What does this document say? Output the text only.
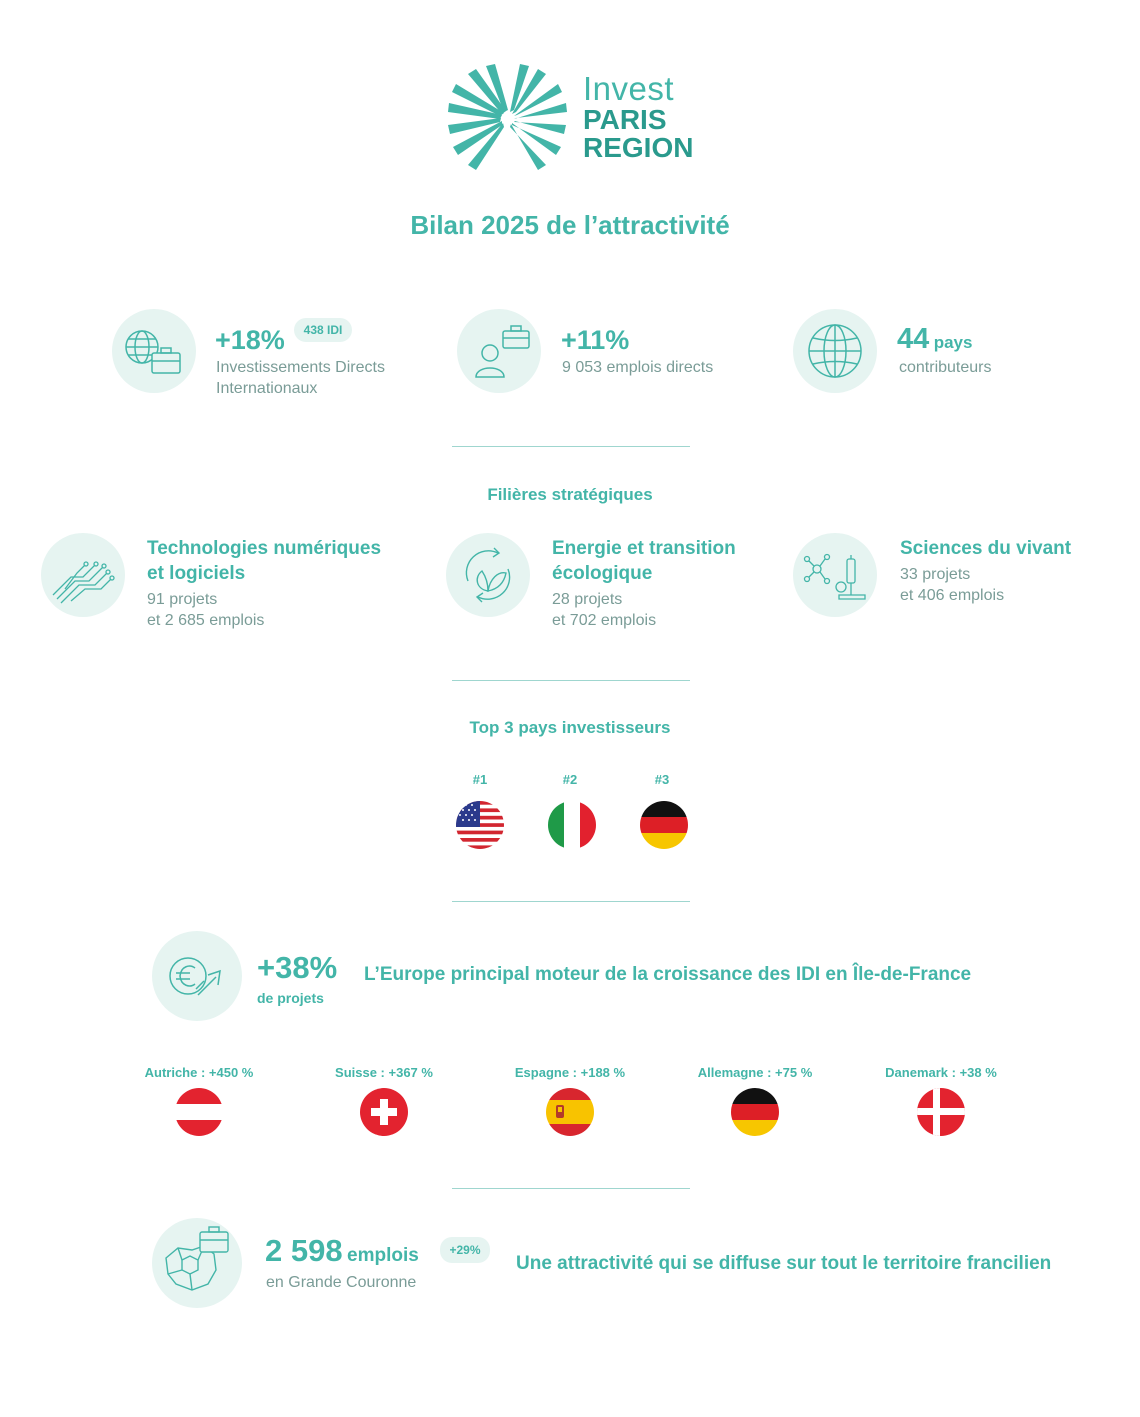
Invest
PARIS
REGION
Bilan 2025 de l’attractivité
+18%	438 IDI
Investissements Directs
Internationaux
+11%
9 053 emplois directs
44 pays
contributeurs
Filières stratégiques
Technologies numériques
et logiciels
91 projets
et 2 685 emplois
Energie et transition
écologique
28 projets
et 702 emplois
Sciences du vivant
33 projets
et 406 emplois
Top 3 pays investisseurs
#1	#2	#3
+38%
de projets
L’Europe principal moteur de la croissance des IDI en Île-de-France
Autriche : +450 %	Suisse : +367 %	Espagne : +188 %	Allemagne : +75 %	Danemark : +38 %
2 598 emplois	+29%
en Grande Couronne
Une attractivité qui se diffuse sur tout le territoire francilien
